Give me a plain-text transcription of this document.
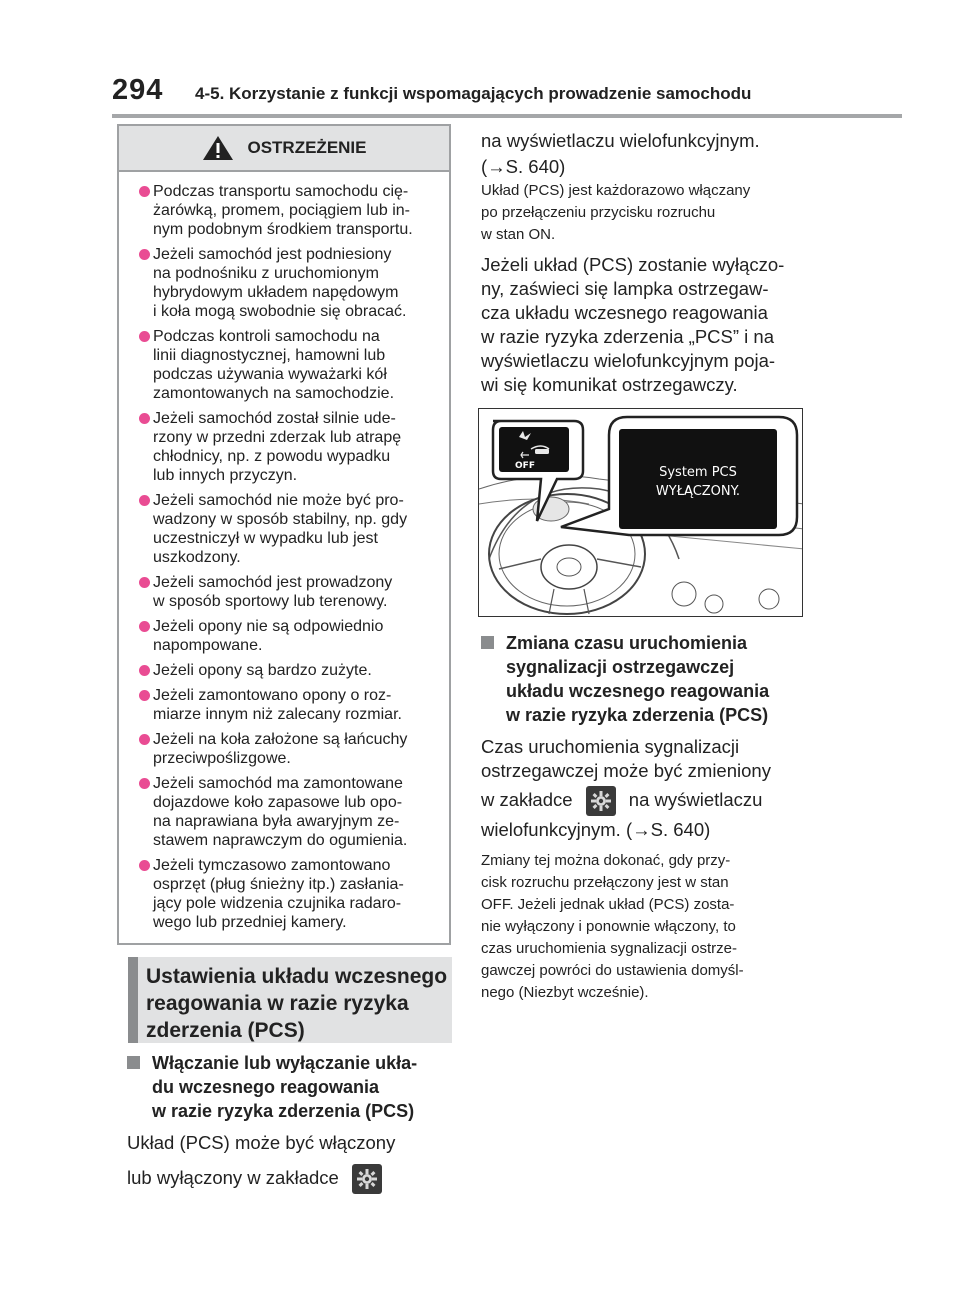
294 4-5. Korzystanie z funkcji wspomagających prowadzenie samochodu
OSTRZEŻENIE
Podczas transportu samochodu cię-
żarówką, promem, pociągiem lub in-
nym podobnym środkiem transportu.
Jeżeli samochód jest podniesiony
na podnośniku z uruchomionym
hybrydowym układem napędowym
i koła mogą swobodnie się obracać.
Podczas kontroli samochodu na
linii diagnostycznej, hamowni lub
podczas używania wyważarki kół
zamontowanych na samochodzie.
Jeżeli samochód został silnie ude-
rzony w przedni zderzak lub atrapę
chłodnicy, np. z powodu wypadku
lub innych przyczyn.
Jeżeli samochód nie może być pro-
wadzony w sposób stabilny, np. gdy
uczestniczył w wypadku lub jest
uszkodzony.
Jeżeli samochód jest prowadzony
w sposób sportowy lub terenowy.
Jeżeli opony nie są odpowiednio
napompowane.
Jeżeli opony są bardzo zużyte.
Jeżeli zamontowano opony o roz-
miarze innym niż zalecany rozmiar.
Jeżeli na koła założone są łańcuchy
przeciwpoślizgowe.
Jeżeli samochód ma zamontowane
dojazdowe koło zapasowe lub opo-
na naprawiana była awaryjnym ze-
stawem naprawczym do ogumienia.
Jeżeli tymczasowo zamontowano
osprzęt (pług śnieżny itp.) zasłania-
jący pole widzenia czujnika radaro-
wego lub przedniej kamery.
Ustawienia układu wczesnego
reagowania w razie ryzyka
zderzenia (PCS)
Włączanie lub wyłączanie ukła-
du wczesnego reagowania
w razie ryzyka zderzenia (PCS)
Układ (PCS) może być włączony
lub wyłączony w zakładce
na wyświetlaczu wielofunkcyjnym.
(→S. 640)
Układ (PCS) jest każdorazowo włączany
po przełączeniu przycisku rozruchu
w stan ON.
Jeżeli układ (PCS) zostanie wyłączo-
ny, zaświeci się lampka ostrzegaw-
cza układu wczesnego reagowania
w razie ryzyka zderzenia „PCS” i na
wyświetlaczu wielofunkcyjnym poja-
wi się komunikat ostrzegawczy.
OFF	System PCS
WYŁĄCZONY.
Zmiana czasu uruchomienia
sygnalizacji ostrzegawczej
układu wczesnego reagowania
w razie ryzyka zderzenia (PCS)
Czas uruchomienia sygnalizacji
ostrzegawczej może być zmieniony
w zakładce	na wyświetlaczu
wielofunkcyjnym. (→S. 640)
Zmiany tej można dokonać, gdy przy-
cisk rozruchu przełączony jest w stan
OFF. Jeżeli jednak układ (PCS) zosta-
nie wyłączony i ponownie włączony, to
czas uruchomienia sygnalizacji ostrze-
gawczej powróci do ustawienia domyśl-
nego (Niezbyt wcześnie).
